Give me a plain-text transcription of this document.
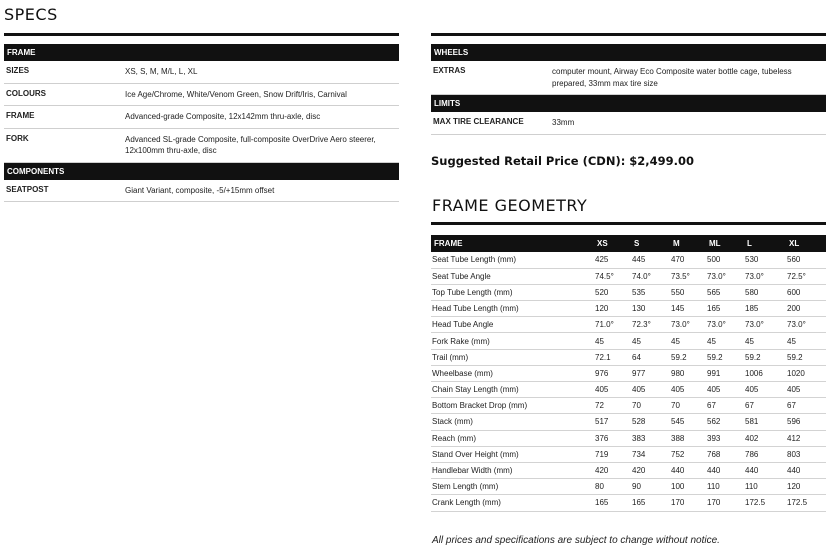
SPECS
FRAME
SIZES	XS, S, M, M/L, L, XL
COLOURS	Ice Age/Chrome, White/Venom Green, Snow Drift/Iris, Carnival
FRAME	Advanced-grade Composite, 12x142mm thru-axle, disc
FORK	Advanced SL-grade Composite, full-composite OverDrive Aero steerer, 12x100mm thru-axle, disc
COMPONENTS
SEATPOST	Giant Variant, composite, -5/+15mm offset
WHEELS
EXTRAS	computer mount, Airway Eco Composite water bottle cage, tubeless prepared, 33mm max tire size
LIMITS
MAX TIRE CLEARANCE	33mm
Suggested Retail Price (CDN): $2,499.00
FRAME GEOMETRY
FRAME	XS	S	M	ML	L	XL
Seat Tube Length (mm)	425	445	470	500	530	560
Seat Tube Angle	74.5°	74.0°	73.5°	73.0°	73.0°	72.5°
Top Tube Length (mm)	520	535	550	565	580	600
Head Tube Length (mm)	120	130	145	165	185	200
Head Tube Angle	71.0°	72.3°	73.0°	73.0°	73.0°	73.0°
Fork Rake (mm)	45	45	45	45	45	45
Trail (mm)	72.1	64	59.2	59.2	59.2	59.2
Wheelbase (mm)	976	977	980	991	1006	1020
Chain Stay Length (mm)	405	405	405	405	405	405
Bottom Bracket Drop (mm)	72	70	70	67	67	67
Stack (mm)	517	528	545	562	581	596
Reach (mm)	376	383	388	393	402	412
Stand Over Height (mm)	719	734	752	768	786	803
Handlebar Width (mm)	420	420	440	440	440	440
Stem Length (mm)	80	90	100	110	110	120
Crank Length (mm)	165	165	170	170	172.5	172.5
All prices and specifications are subject to change without notice.
